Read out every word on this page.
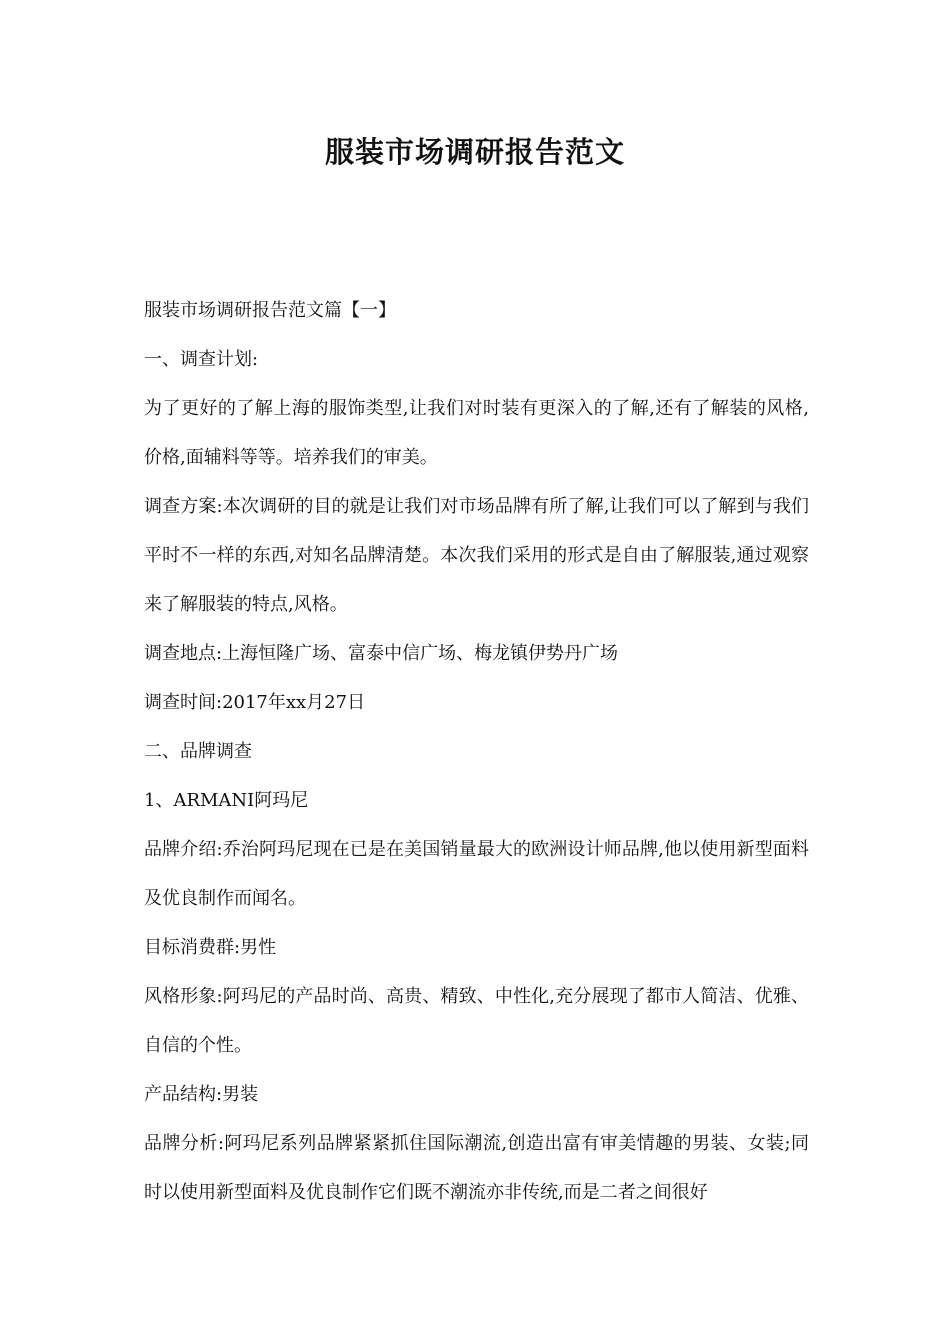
服装市场调研报告范文

服装市场调研报告范文篇【一】

一、调查计划:

为了更好的了解上海的服饰类型,让我们对时装有更深入的了解,还有了解装的风格,价格,面辅料等等。培养我们的审美。

调查方案:本次调研的目的就是让我们对市场品牌有所了解,让我们可以了解到与我们平时不一样的东西,对知名品牌清楚。本次我们采用的形式是自由了解服装,通过观察来了解服装的特点,风格。

调查地点:上海恒隆广场、富泰中信广场、梅龙镇伊势丹广场

调查时间:2017年xx月27日

二、品牌调查

1、ARMANI阿玛尼

品牌介绍:乔治阿玛尼现在已是在美国销量最大的欧洲设计师品牌,他以使用新型面料及优良制作而闻名。

目标消费群:男性

风格形象:阿玛尼的产品时尚、高贵、精致、中性化,充分展现了都市人简洁、优雅、自信的个性。

产品结构:男装

品牌分析:阿玛尼系列品牌紧紧抓住国际潮流,创造出富有审美情趣的男装、女装;同时以使用新型面料及优良制作它们既不潮流亦非传统,而是二者之间很好
